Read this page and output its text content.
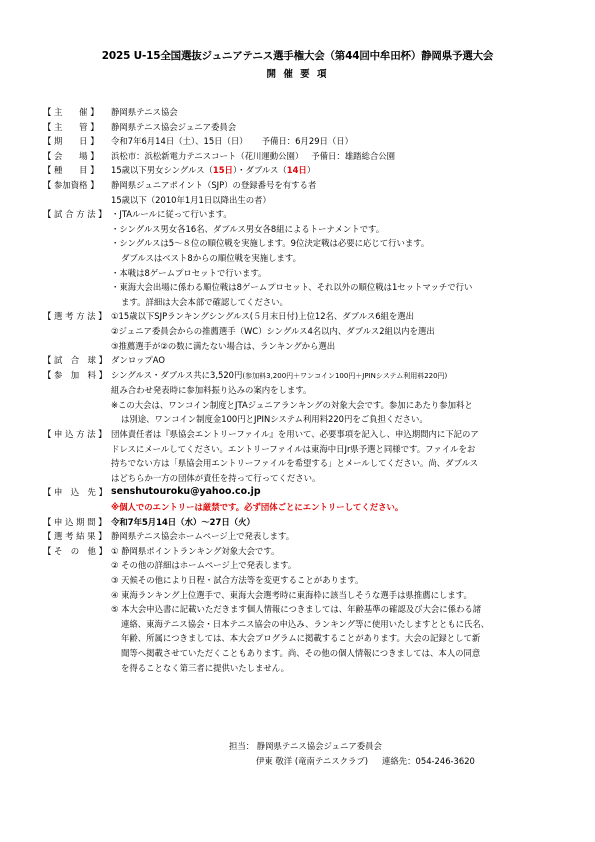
2025 U-15全国選抜ジュニアテニス選手権大会（第44回中牟田杯）静岡県予選大会

開 催 要 項

【 主　　催 】	静岡県テニス協会
【 主　　管 】	静岡県テニス協会ジュニア委員会
【 期　　日 】	令和7年6月14日（土）、15日（日） 予備日：6月29日（日）
【 会　　場 】	浜松市：浜松新電力テニスコート（花川運動公園） 予備日：雄踏総合公園
【 種　　目 】	15歳以下男女シングルス（15日）・ダブルス（14日）
【 参加資格 】	静岡県ジュニアポイント（SJP）の登録番号を有する者
15歳以下（2010年1月1日以降出生の者）
【 試 合 方 法 】 ・JTAルールに従って行います。
・シングルス男女各16名、ダブルス男女各8組によるトーナメントです。
・シングルスは5～８位の順位戦を実施します。9位決定戦は必要に応じて行います。
ダブルスはベスト8からの順位戦を実施します。
・本戦は8ゲームプロセットで行います。
・東海大会出場に係わる順位戦は8ゲームプロセット、それ以外の順位戦は1セットマッチで行い
ます。詳細は大会本部で確認してください。
【 選 考 方 法 】 ①15歳以下SJPランキングシングルス(５月末日付)上位12名、ダブルス6組を選出
②ジュニア委員会からの推薦選手（WC）シングルス4名以内、ダブルス2組以内を選出
③推薦選手が②の数に満たない場合は、ランキングから選出
【 試　合　球 】 ダンロップAO
【 参　加　料 】 シングルス・ダブルス共に3,520円(参加料3,200円＋ワンコイン100円＋JPINシステム利用料220円)
組み合わせ発表時に参加料振り込みの案内をします。
※この大会は、ワンコイン制度とJTAジュニアランキングの対象大会です。参加にあたり参加料と
は別途、ワンコイン制度金100円とJPINシステム利用料220円をご負担ください。
【 申 込 方 法 】 団体責任者は『県協会エントリーファイル』を用いて、必要事項を記入し、申込期間内に下記のア
ドレスにメールしてください。エントリーファイルは東海中日Jr県予選と同様です。ファイルをお
持ちでない方は「県協会用エントリーファイルを希望する」とメールしてください。尚、ダブルス
はどちらか一方の団体が責任を持って行ってください。
【 申　込　先 】 senshutouroku@yahoo.co.jp
※個人でのエントリーは厳禁です。必ず団体ごとにエントリーしてください。
【 申 込 期 間 】 令和7年5月14日（水）～27日（火）
【 選 考 結 果 】 静岡県テニス協会ホームページ上で発表します。
【 そ　の　他 】 ① 静岡県ポイントランキング対象大会です。
② その他の詳細はホームページ上で発表します。
③ 天候その他により日程・試合方法等を変更することがあります。
④ 東海ランキング上位選手で、東海大会選考時に東海枠に該当しそうな選手は県推薦にします。
⑤ 本大会申込書に記載いただきます個人情報につきましては、年齢基準の確認及び大会に係わる諸
連絡、東海テニス協会・日本テニス協会の申込み、ランキング等に使用いたしますとともに氏名、
年齢、所属につきましては、本大会プログラムに掲載することがあります。大会の記録として新
聞等へ掲載させていただくこともあります。尚、その他の個人情報につきましては、本人の同意
を得ることなく第三者に提供いたしません。
担当： 静岡県テニス協会ジュニア委員会
伊東 敬洋 (竜南テニスクラブ) 連絡先：054-246-3620
